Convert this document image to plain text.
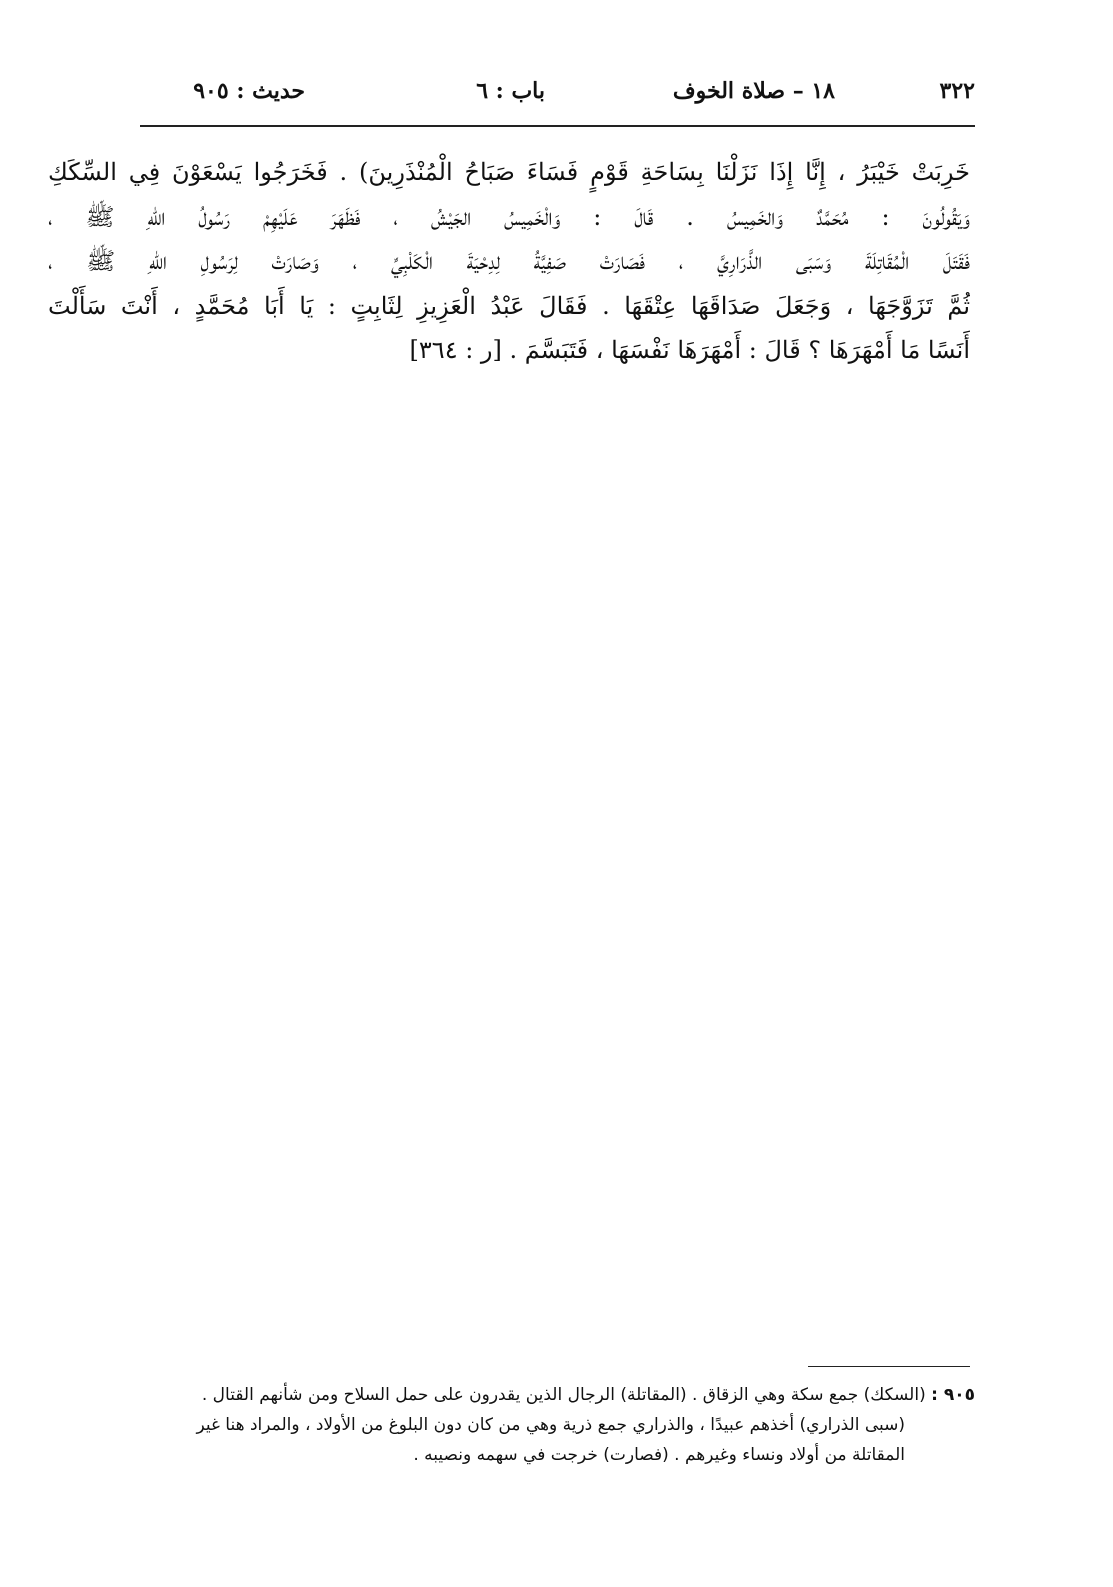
٣٢٢
١٨ – صلاة الخوف
باب : ٦
حديث : ٩٠٥
خَرِبَتْ خَيْبَرُ ، إِنَّا إِذَا نَزَلْنَا بِسَاحَةِ قَوْمٍ فَسَاءَ صَبَاحُ الْمُنْذَرِينَ) . فَخَرَجُوا يَسْعَوْنَ فِي السِّكَكِ
وَيَقُولُونَ : مُحَمَّدٌ وَالخَمِيسُ . قَالَ : وَالْخَمِيسُ الجَيْشُ ، فَظَهَرَ عَلَيْهِمْ رَسُولُ اللهِ ﷺ ،
فَقَتَلَ الْمُقَاتِلَةَ وَسَبَى الذَّرَارِيَّ ، فَصَارَتْ صَفِيَّةُ لِدِحْيَةَ الْكَلْبِيِّ ، وَصَارَتْ لِرَسُولِ اللهِ ﷺ ،
ثُمَّ تَزَوَّجَهَا ، وَجَعَلَ صَدَاقَهَا عِتْقَهَا . فَقَالَ عَبْدُ الْعَزِيزِ لِثَابِتٍ : يَا أَبَا مُحَمَّدٍ ، أَنْتَ سَأَلْتَ
أَنَسًا مَا أَمْهَرَهَا ؟ قَالَ : أَمْهَرَهَا نَفْسَهَا ، فَتَبَسَّمَ . [ر : ٣٦٤]
٩٠٥ : (السكك) جمع سكة وهي الزقاق . (المقاتلة) الرجال الذين يقدرون على حمل السلاح ومن شأنهم القتال .
(سبى الذراري) أخذهم عبيدًا ، والذراري جمع ذرية وهي من كان دون البلوغ من الأولاد ، والمراد هنا غير
المقاتلة من أولاد ونساء وغيرهم . (فصارت) خرجت في سهمه ونصيبه .
